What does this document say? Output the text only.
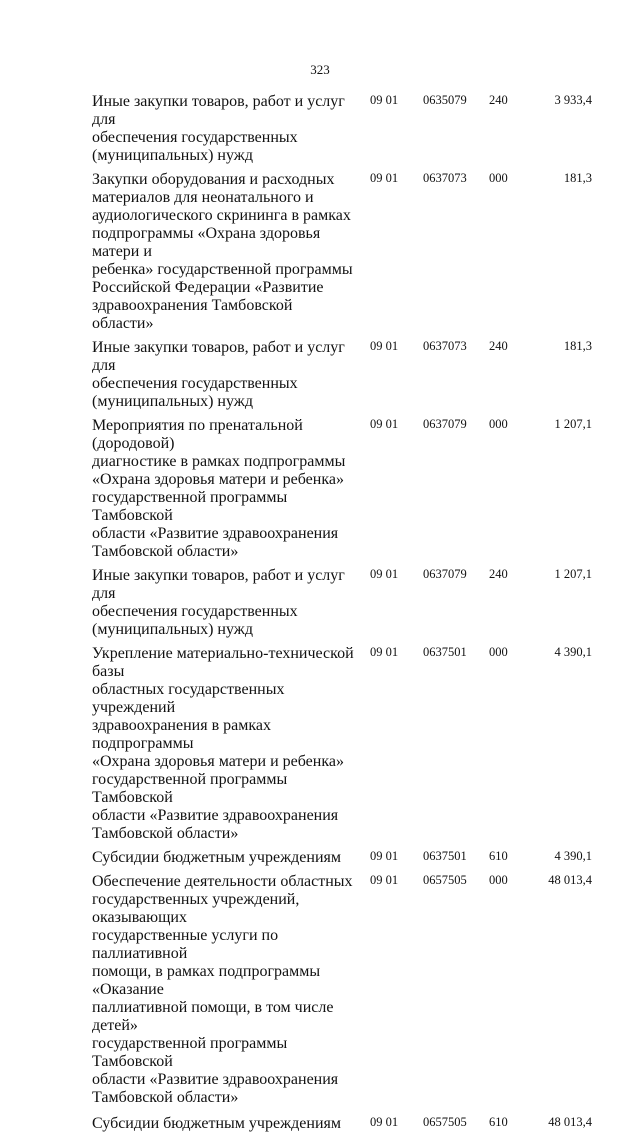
323
Иные закупки товаров, работ и услуг для
обеспечения государственных
(муниципальных) нужд
09 01 0635079 240	3 933,4
Закупки оборудования и расходных
материалов для неонатального и
аудиологического скрининга в рамках
подпрограммы «Охрана здоровья матери и
ребенка» государственной программы
Российской Федерации «Развитие
здравоохранения Тамбовской области»
09 01 0637073 000	181,3
Иные закупки товаров, работ и услуг для
обеспечения государственных
(муниципальных) нужд
09 01 0637073 240	181,3
Мероприятия по пренатальной (дородовой)
диагностике в рамках подпрограммы
«Охрана здоровья матери и ребенка»
государственной программы Тамбовской
области «Развитие здравоохранения
Тамбовской области»
09 01 0637079 000	1 207,1
Иные закупки товаров, работ и услуг для
обеспечения государственных
(муниципальных) нужд
09 01 0637079 240	1 207,1
Укрепление материально-технической базы
областных государственных учреждений
здравоохранения в рамках подпрограммы
«Охрана здоровья матери и ребенка»
государственной программы Тамбовской
области «Развитие здравоохранения
Тамбовской области»
09 01 0637501 000	4 390,1
Субсидии бюджетным учреждениям	09 01 0637501 610	4 390,1
Обеспечение деятельности областных
государственных учреждений, оказывающих
государственные услуги по паллиативной
помощи, в рамках подпрограммы «Оказание
паллиативной помощи, в том числе детей»
государственной программы Тамбовской
области «Развитие здравоохранения
Тамбовской области»
09 01 0657505 000	48 013,4
Субсидии бюджетным учреждениям	09 01 0657505 610	48 013,4
